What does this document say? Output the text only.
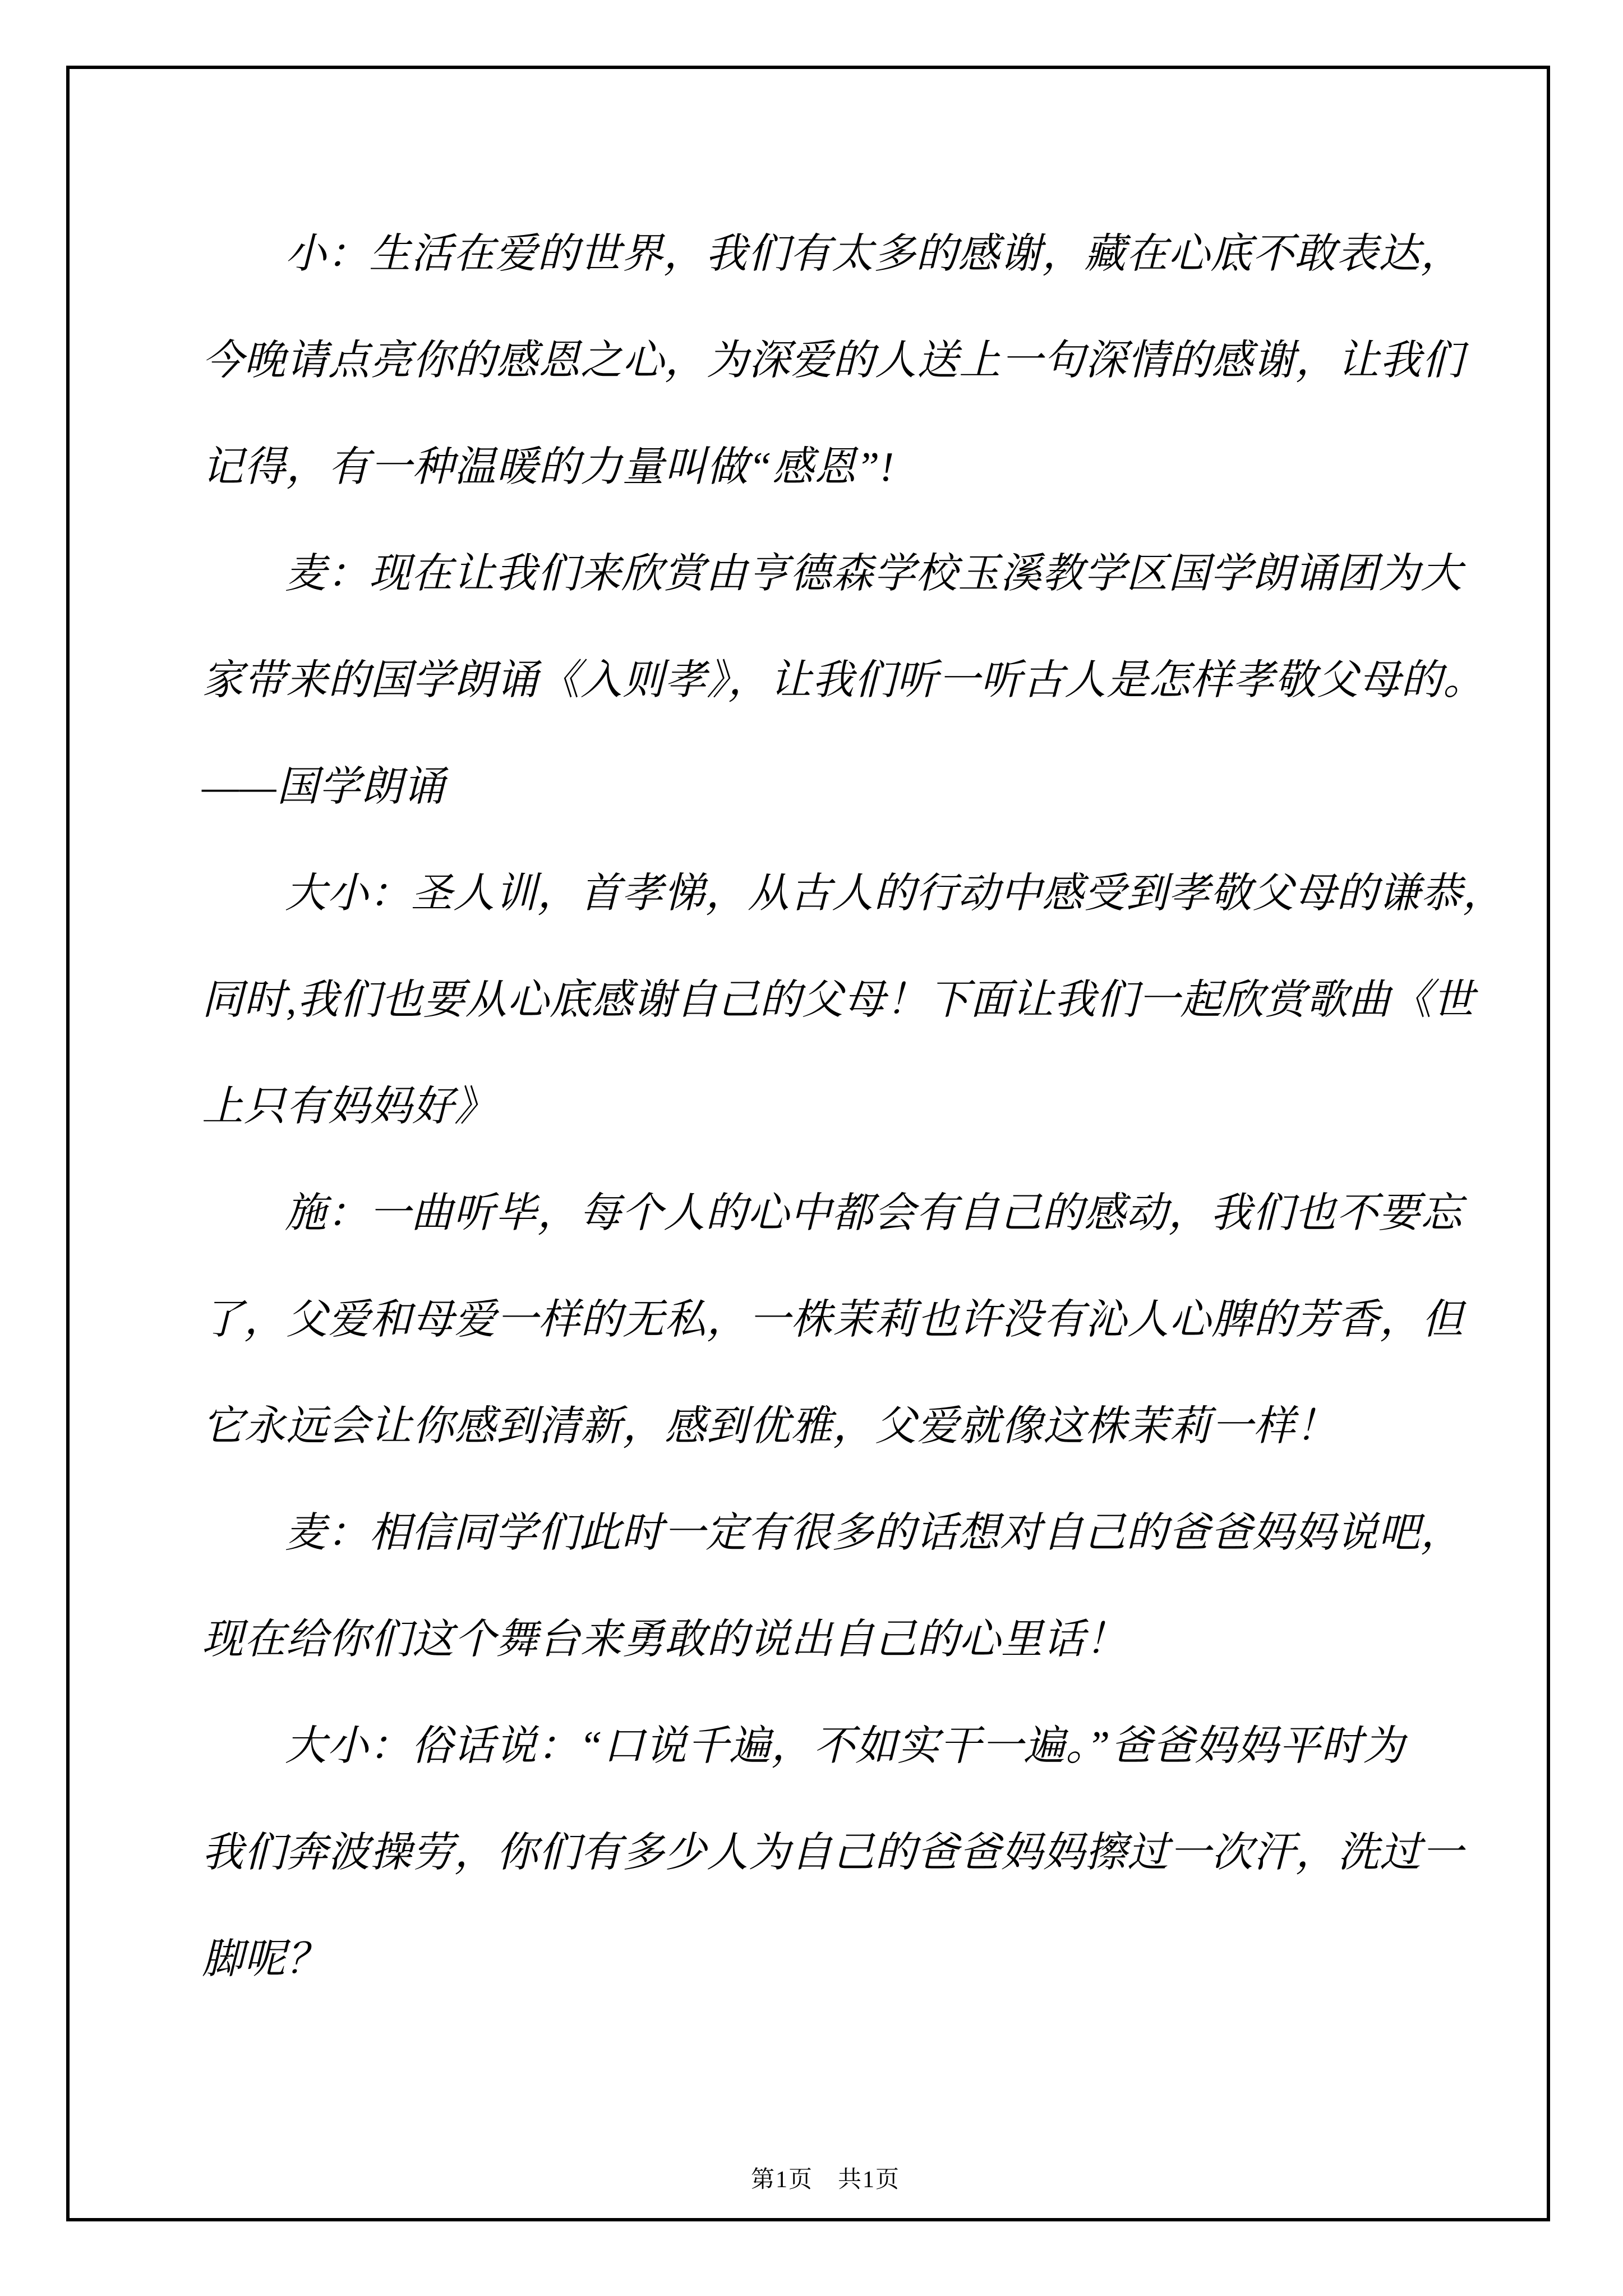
小：生活在爱的世界，我们有太多的感谢，藏在心底不敢表达，
今晚请点亮你的感恩之心，为深爱的人送上一句深情的感谢，让我们
记得，有一种温暖的力量叫做“感恩”!
麦：现在让我们来欣赏由亨德森学校玉溪教学区国学朗诵团为大
家带来的国学朗诵《入则孝》，让我们听一听古人是怎样孝敬父母的。
——国学朗诵
大小：圣人训，首孝悌，从古人的行动中感受到孝敬父母的谦恭，
同时,我们也要从心底感谢自己的父母！下面让我们一起欣赏歌曲《世
上只有妈妈好》
施：一曲听毕，每个人的心中都会有自己的感动，我们也不要忘
了，父爱和母爱一样的无私，一株茉莉也许没有沁人心脾的芳香，但
它永远会让你感到清新，感到优雅，父爱就像这株茉莉一样！
麦：相信同学们此时一定有很多的话想对自己的爸爸妈妈说吧，
现在给你们这个舞台来勇敢的说出自己的心里话！
大小：俗话说：“口说千遍，不如实干一遍。”爸爸妈妈平时为
我们奔波操劳，你们有多少人为自己的爸爸妈妈擦过一次汗，洗过一
脚呢？

第1页　共1页
